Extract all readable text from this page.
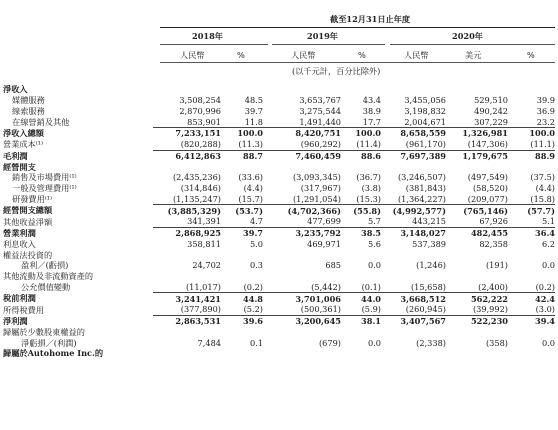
截至12月31日止年度
2018年	2019年	2020年
人民幣	%	人民幣	%	人民幣	美元	%
(以千元計，百分比除外)
淨收入							
媒體服務	3,508,254	48.5	3,653,767	43.4	3,455,056	529,510	39.9
線索服務	2,870,996	39.7	3,275,544	38.9	3,198,832	490,242	36.9
在線營銷及其他	853,901	11.8	1,491,440	17.7	2,004,671	307,229	23.2
淨收入總額	7,233,151	100.0	8,420,751	100.0	8,658,559	1,326,981	100.0
營業成本⁽¹⁾	(820,288)	(11.3)	(960,292)	(11.4)	(961,170)	(147,306)	(11.1)
毛利潤	6,412,863	88.7	7,460,459	88.6	7,697,389	1,179,675	88.9
經營開支							
銷售及市場費用⁽¹⁾	(2,435,236)	(33.6)	(3,093,345)	(36.7)	(3,246,507)	(497,549)	(37.5)
一般及管理費用⁽¹⁾	(314,846)	(4.4)	(317,967)	(3.8)	(381,843)	(58,520)	(4.4)
研發費用⁽¹⁾	(1,135,247)	(15.7)	(1,291,054)	(15.3)	(1,364,227)	(209,077)	(15.8)
經營開支總額	(3,885,329)	(53.7)	(4,702,366)	(55.8)	(4,992,577)	(765,146)	(57.7)
其他收益淨額	341,391	4.7	477,699	5.7	443,215	67,926	5.1
營業利潤	2,868,925	39.7	3,235,792	38.5	3,148,027	482,455	36.4
利息收入	358,811	5.0	469,971	5.6	537,389	82,358	6.2
權益法投資的							
盈利／(虧損)	24,702	0.3	685	0.0	(1,246)	(191)	0.0
其他流動及非流動資產的							
公允價值變動	(11,017)	(0.2)	(5,442)	(0.1)	(15,658)	(2,400)	(0.2)
稅前利潤	3,241,421	44.8	3,701,006	44.0	3,668,512	562,222	42.4
所得稅費用	(377,890)	(5.2)	(500,361)	(5.9)	(260,945)	(39,992)	(3.0)
淨利潤	2,863,531	39.6	3,200,645	38.1	3,407,567	522,230	39.4
歸屬於少數股東權益的							
淨虧損／(利潤)	7,484	0.1	(679)	0.0	(2,338)	(358)	0.0
歸屬於Autohome Inc.的							
